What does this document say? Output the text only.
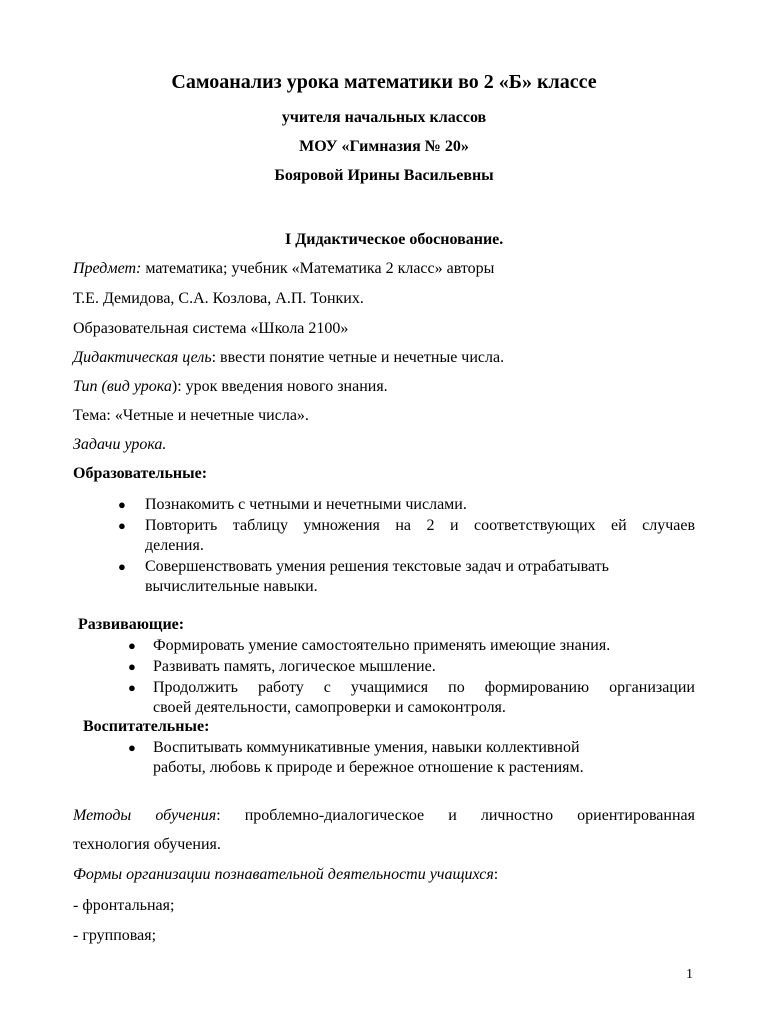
Самоанализ урока математики во 2 «Б» классе
учителя начальных классов
МОУ «Гимназия № 20»
Бояровой Ирины Васильевны
I Дидактическое обоснование.
Предмет: математика; учебник «Математика 2 класс» авторы
Т.Е. Демидова, С.А. Козлова, А.П. Тонких.
Образовательная система «Школа 2100»
Дидактическая цель: ввести понятие четные и нечетные числа.
Тип (вид урока): урок введения нового знания.
Тема: «Четные и нечетные числа».
Задачи урока.
Образовательные:
● Познакомить с четными и нечетными числами.
● Повторить таблицу умножения на 2 и соответствующих ей случаев
деления.
● Совершенствовать умения решения текстовые задач и отрабатывать
вычислительные навыки.
Развивающие:
● Формировать умение самостоятельно применять имеющие знания.
● Развивать память, логическое мышление.
● Продолжить работу с учащимися по формированию организации
своей деятельности, самопроверки и самоконтроля.
Воспитательные:
● Воспитывать коммуникативные умения, навыки коллективной
работы, любовь к природе и бережное отношение к растениям.
Методы обучения: проблемно-диалогическое и личностно ориентированная
технология обучения.
Формы организации познавательной деятельности учащихся:
- фронтальная;
- групповая;
1
